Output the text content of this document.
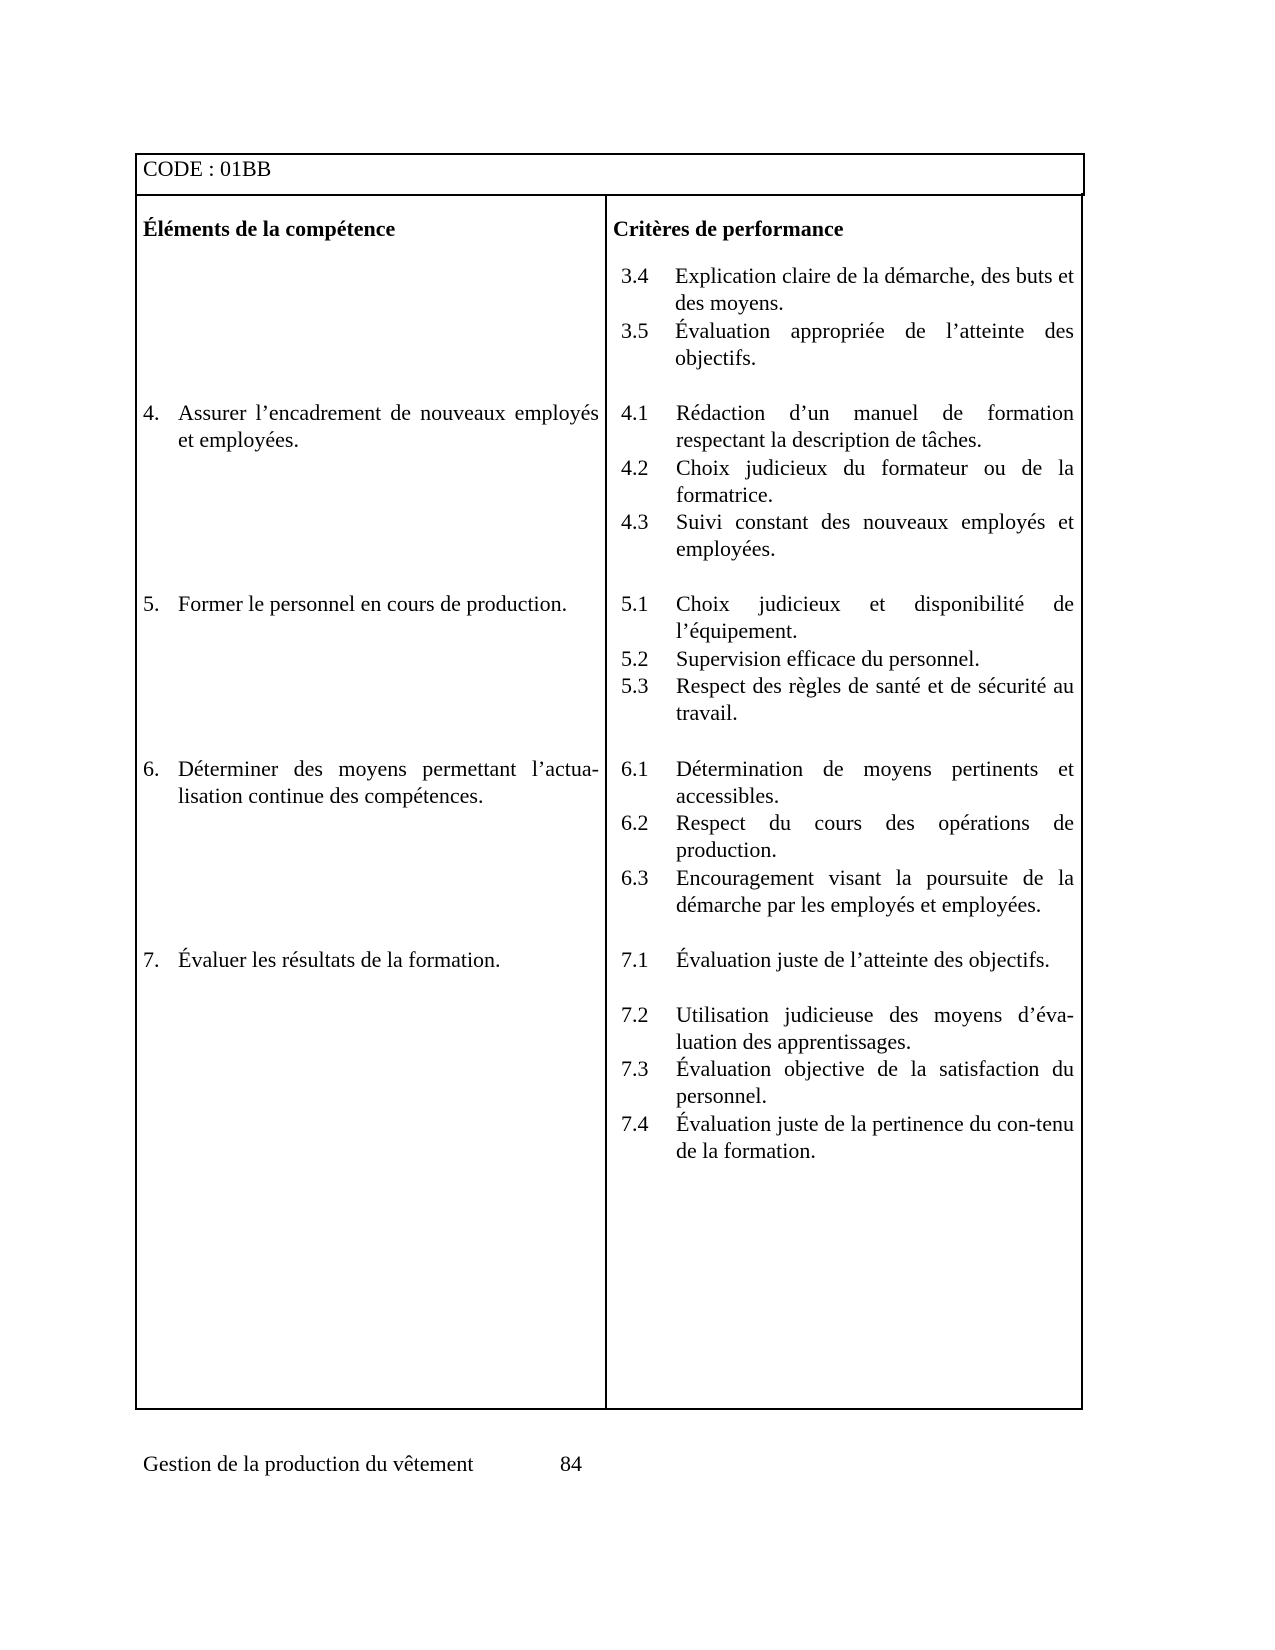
CODE : 01BB
Éléments de la compétence	Critères de performance
4. Assurer l’encadrement de nouveaux employés et employées.
5. Former le personnel en cours de production.
6. Déterminer des moyens permettant l’actua-lisation continue des compétences.
7. Évaluer les résultats de la formation.
3.4 Explication claire de la démarche, des buts et des moyens.
3.5 Évaluation appropriée de l’atteinte des objectifs.
4.1 Rédaction d’un manuel de formation respectant la description de tâches.
4.2 Choix judicieux du formateur ou de la formatrice.
4.3 Suivi constant des nouveaux employés et employées.
5.1 Choix judicieux et disponibilité de l’équipement.
5.2 Supervision efficace du personnel.
5.3 Respect des règles de santé et de sécurité au travail.
6.1 Détermination de moyens pertinents et accessibles.
6.2 Respect du cours des opérations de production.
6.3 Encouragement visant la poursuite de la démarche par les employés et employées.
7.1 Évaluation juste de l’atteinte des objectifs.
7.2 Utilisation judicieuse des moyens d’éva-luation des apprentissages.
7.3 Évaluation objective de la satisfaction du personnel.
7.4 Évaluation juste de la pertinence du con-tenu de la formation.
Gestion de la production du vêtement	84
